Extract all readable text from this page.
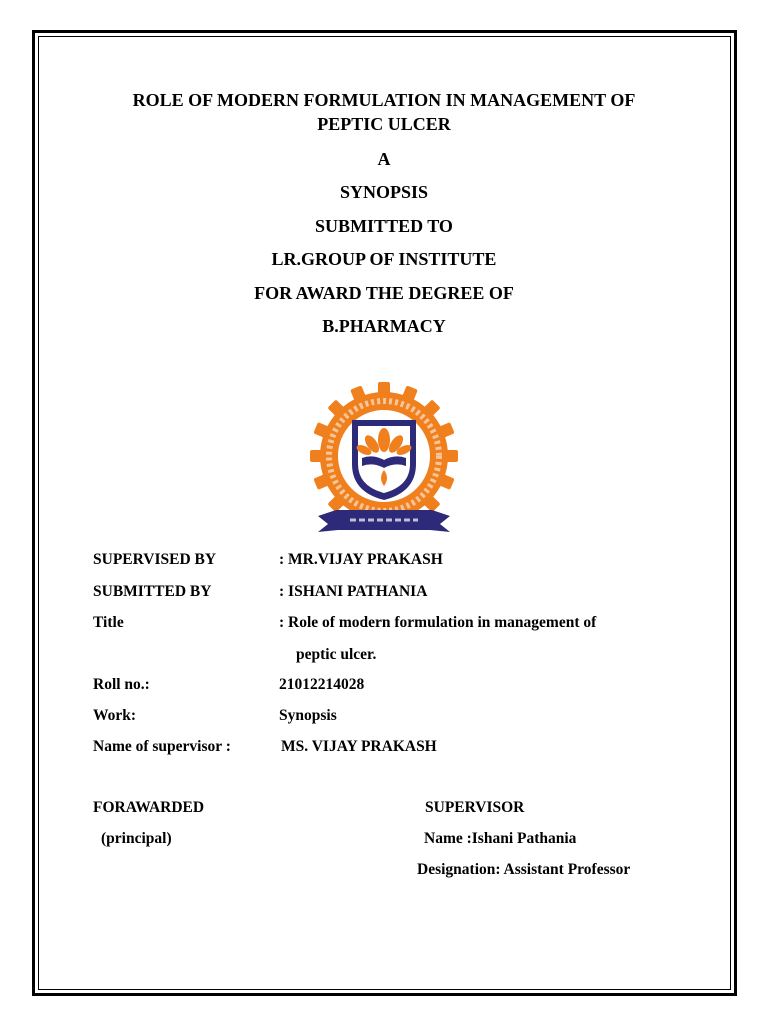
ROLE OF MODERN FORMULATION IN MANAGEMENT OF
PEPTIC ULCER
A
SYNOPSIS
SUBMITTED TO
LR.GROUP OF INSTITUTE
FOR AWARD THE DEGREE OF
B.PHARMACY
SUPERVISED BY	: MR.VIJAY PRAKASH
SUBMITTED BY	: ISHANI PATHANIA
Title	: Role of modern formulation in management of
peptic ulcer.
Roll no.:	21012214028
Work:	Synopsis
Name of supervisor :	MS. VIJAY PRAKASH
FORAWARDED
(principal)
SUPERVISOR
Name :Ishani Pathania
Designation: Assistant Professor
